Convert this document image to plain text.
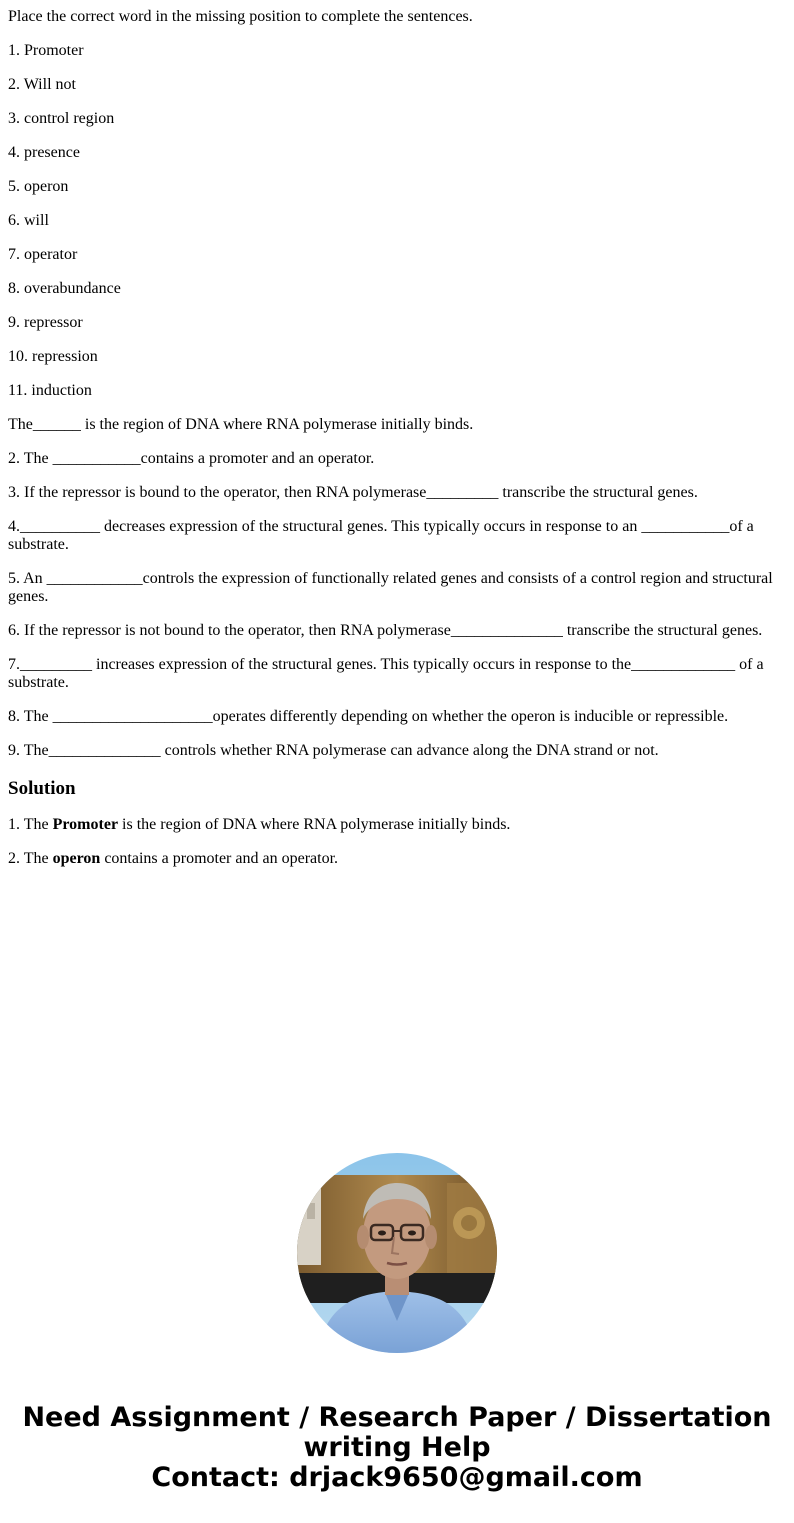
Place the correct word in the missing position to complete the sentences.

1. Promoter

2. Will not

3. control region

4. presence

5. operon

6. will

7. operator

8. overabundance

9. repressor

10. repression

11. induction

The______ is the region of DNA where RNA polymerase initially binds.

2. The ___________contains a promoter and an operator.

3. If the repressor is bound to the operator, then RNA polymerase_________ transcribe the structural genes.

4.__________ decreases expression of the structural genes. This typically occurs in response to an ___________of a substrate.

5. An ____________controls the expression of functionally related genes and consists of a control region and structural genes.

6. If the repressor is not bound to the operator, then RNA polymerase______________ transcribe the structural genes.

7._________ increases expression of the structural genes. This typically occurs in response to the_____________ of a substrate.

8. The ____________________operates differently depending on whether the operon is inducible or repressible.

9. The______________ controls whether RNA polymerase can advance along the DNA strand or not.

Solution

1. The Promoter is the region of DNA where RNA polymerase initially binds.

2. The operon contains a promoter and an operator.

Need Assignment / Research Paper / Dissertation
writing Help
Contact: drjack9650@gmail.com
